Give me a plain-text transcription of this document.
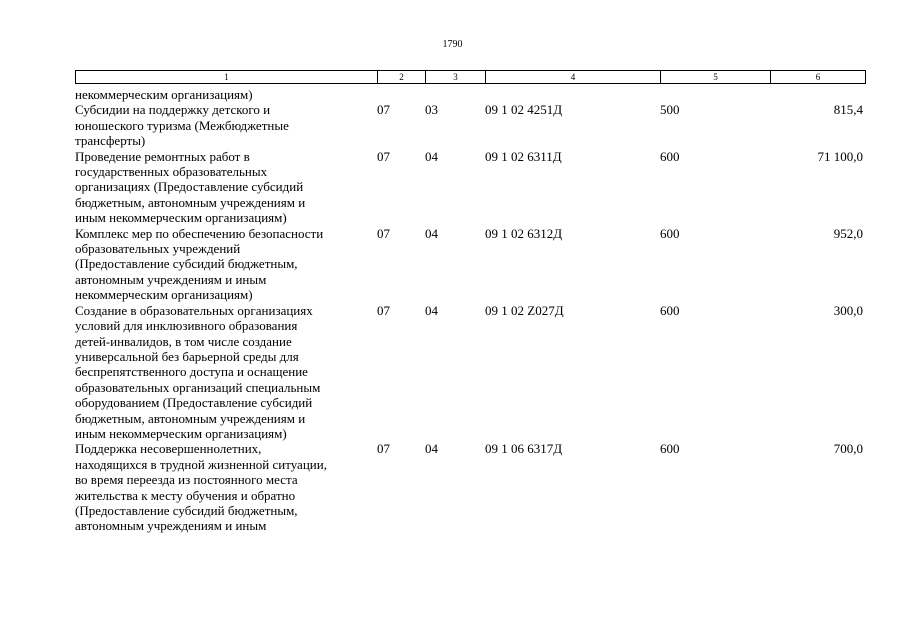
1790
1	2	3	4	5	6
некоммерческим организациям)
Субсидии на поддержку детского и
юношеского туризма (Межбюджетные
трансферты)
07	03	09 1 02 4251Д	500	815,4
Проведение ремонтных работ в
государственных образовательных
организациях (Предоставление субсидий
бюджетным, автономным учреждениям и
иным некоммерческим организациям)
07	04	09 1 02 6311Д	600	71 100,0
Комплекс мер по обеспечению безопасности
образовательных учреждений
(Предоставление субсидий бюджетным,
автономным учреждениям и иным
некоммерческим организациям)
07	04	09 1 02 6312Д	600	952,0
Создание в образовательных организациях
условий для инклюзивного образования
детей-инвалидов, в том числе создание
универсальной без барьерной среды для
беспрепятственного доступа и оснащение
образовательных организаций специальным
оборудованием (Предоставление субсидий
бюджетным, автономным учреждениям и
иным некоммерческим организациям)
07	04	09 1 02 Z027Д	600	300,0
Поддержка несовершеннолетних,
находящихся в трудной жизненной ситуации,
во время переезда из постоянного места
жительства к месту обучения и обратно
(Предоставление субсидий бюджетным,
автономным учреждениям и иным
07	04	09 1 06 6317Д	600	700,0
